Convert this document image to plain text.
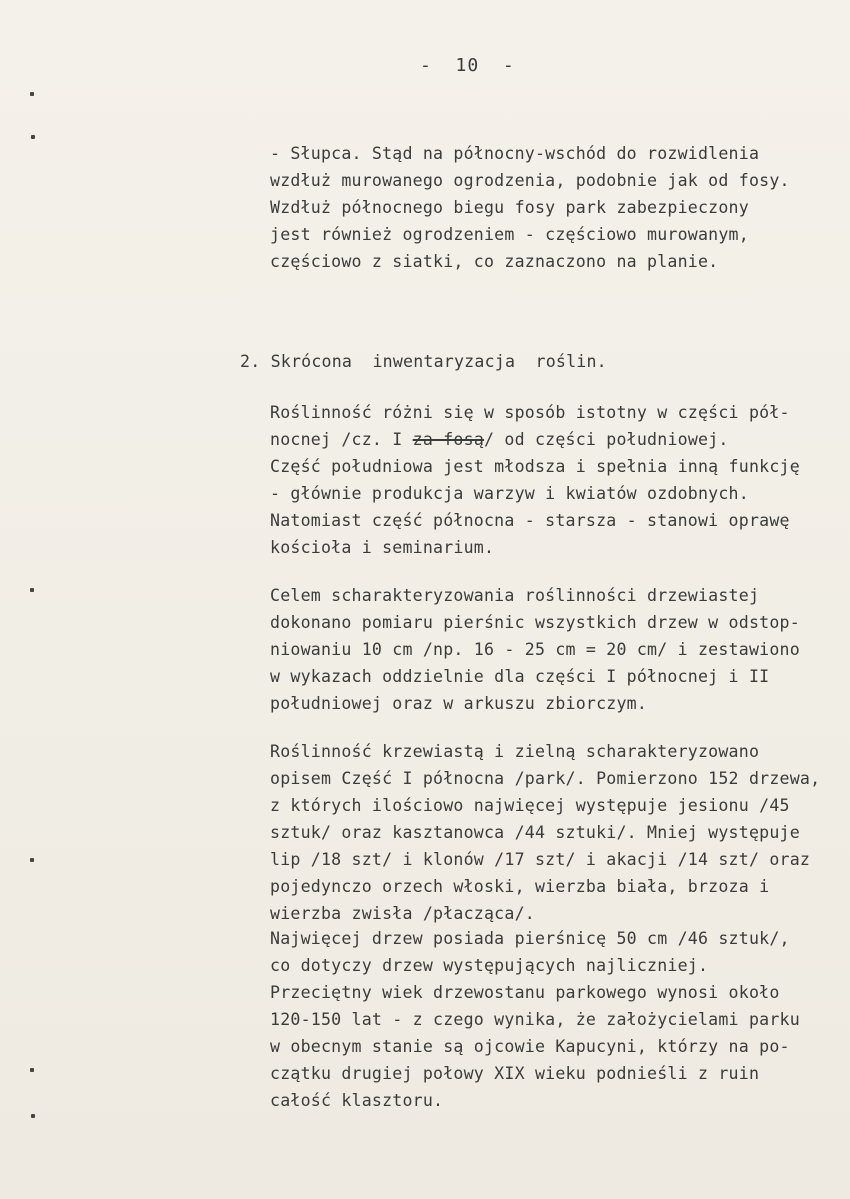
-  10  -
- Słupca. Stąd na północny-wschód do rozwidlenia
wzdłuż murowanego ogrodzenia, podobnie jak od fosy.
Wzdłuż północnego biegu fosy park zabezpieczony
jest również ogrodzeniem - częściowo murowanym,
częściowo z siatki, co zaznaczono na planie.
2. Skrócona  inwentaryzacja  roślin.
Roślinność różni się w sposób istotny w części pół-
nocnej /cz. I za fosą/ od części południowej.
Część południowa jest młodsza i spełnia inną funkcję
- głównie produkcja warzyw i kwiatów ozdobnych.
Natomiast część północna - starsza - stanowi oprawę
kościoła i seminarium.
Celem scharakteryzowania roślinności drzewiastej
dokonano pomiaru pierśnic wszystkich drzew w odstop-
niowaniu 10 cm /np. 16 - 25 cm = 20 cm/ i zestawiono
w wykazach oddzielnie dla części I północnej i II
południowej oraz w arkuszu zbiorczym.
Roślinność krzewiastą i zielną scharakteryzowano
opisem Część I północna /park/. Pomierzono 152 drzewa,
z których ilościowo najwięcej występuje jesionu /45
sztuk/ oraz kasztanowca /44 sztuki/. Mniej występuje
lip /18 szt/ i klonów /17 szt/ i akacji /14 szt/ oraz
pojedynczo orzech włoski, wierzba biała, brzoza i
wierzba zwisła /płacząca/.
Najwięcej drzew posiada pierśnicę 50 cm /46 sztuk/,
co dotyczy drzew występujących najliczniej.
Przeciętny wiek drzewostanu parkowego wynosi około
120-150 lat - z czego wynika, że założycielami parku
w obecnym stanie są ojcowie Kapucyni, którzy na po-
czątku drugiej połowy XIX wieku podnieśli z ruin
całość klasztoru.
